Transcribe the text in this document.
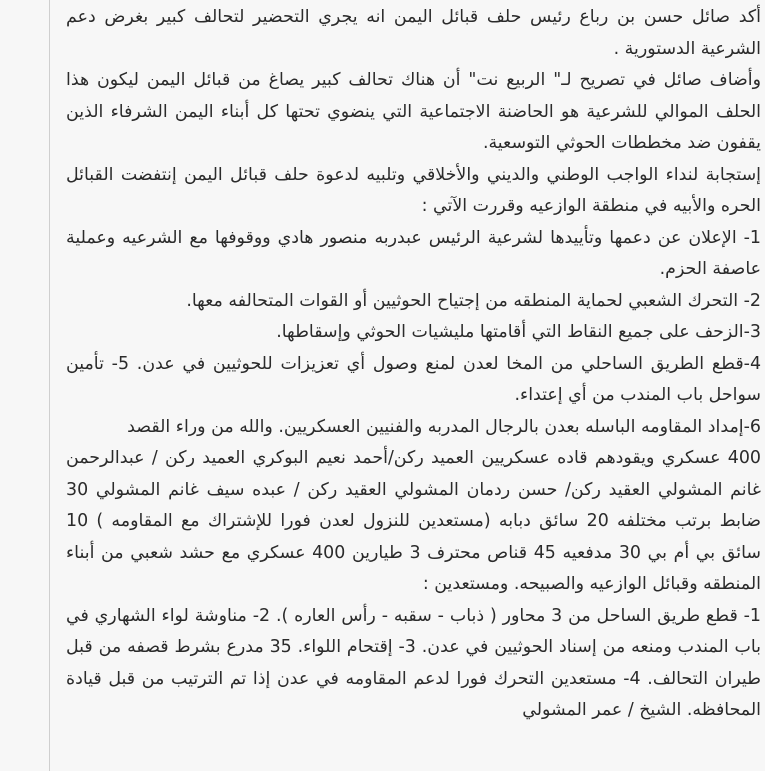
أكد صائل حسن بن رباع رئيس حلف قبائل اليمن انه يجري التحضير لتحالف كبير بغرض دعم الشرعية الدستورية .

وأضاف صائل في تصريح لـ" الربيع نت" أن هناك تحالف كبير يصاغ من قبائل اليمن ليكون هذا الحلف الموالي للشرعية هو الحاضنة الاجتماعية التي ينضوي تحتها كل أبناء اليمن الشرفاء الذين يقفون ضد مخططات الحوثي التوسعية.

إستجابة لنداء الواجب الوطني والديني والأخلاقي وتلبيه لدعوة حلف قبائل اليمن إنتفضت القبائل الحره والأبيه في منطقة الوازعيه وقررت الآتي :

1- الإعلان عن دعمها وتأييدها لشرعية الرئيس عبدربه منصور هادي ووقوفها مع الشرعيه وعملية عاصفة الحزم.

2- التحرك الشعبي لحماية المنطقه من إجتياح الحوثيين أو القوات المتحالفه معها.

3-الزحف على جميع النقاط التي أقامتها مليشيات الحوثي وإسقاطها.

4-قطع الطريق الساحلي من المخا لعدن لمنع وصول أي تعزيزات للحوثيين في عدن. 5- تأمين سواحل باب المندب من أي إعتداء.

6-إمداد المقاومه الباسله بعدن بالرجال المدربه والفنيين العسكريين. والله من وراء القصد

400 عسكري ويقودهم قاده عسكريين العميد ركن/أحمد نعيم البوكري العميد ركن / عبدالرحمن غانم المشولي العقيد ركن/ حسن ردمان المشولي العقيد ركن / عبده سيف غانم المشولي 30 ضابط برتب مختلفه 20 سائق دبابه (مستعدين للنزول لعدن فورا للإشتراك مع المقاومه ) 10 سائق بي أم بي 30 مدفعيه 45 قناص محترف 3 طيارين 400 عسكري مع حشد شعبي من أبناء المنطقه وقبائل الوازعيه والصبيحه. ومستعدين :

1- قطع طريق الساحل من 3 محاور ( ذباب - سقبه - رأس العاره ). 2- مناوشة لواء الشهاري في باب المندب ومنعه من إسناد الحوثيين في عدن. 3- إقتحام اللواء. 35 مدرع بشرط قصفه من قبل طيران التحالف. 4- مستعدين التحرك فورا لدعم المقاومه في عدن إذا تم الترتيب من قبل قيادة المحافظه. الشيخ / عمر المشولي
